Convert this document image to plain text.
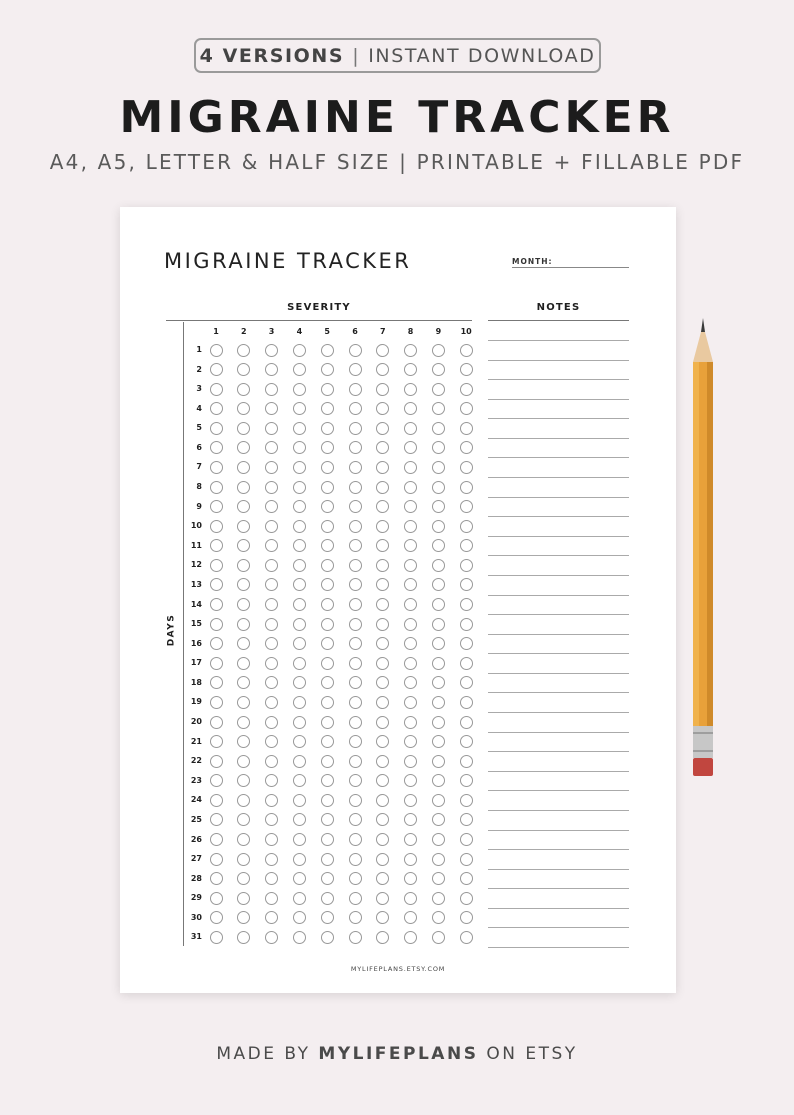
4 VERSIONS | INSTANT DOWNLOAD
MIGRAINE TRACKER
A4, A5, LETTER & HALF SIZE | PRINTABLE + FILLABLE PDF
MIGRAINE TRACKER	MONTH:
SEVERITY	NOTES
DAYS
1	2	3	4	5	6	7	8	9	10
1
2
3
4
5
6
7
8
9
10
11
12
13
14
15
16
17
18
19
20
21
22
23
24
25
26
27
28
29
30
31
MYLIFEPLANS.ETSY.COM
MADE BY MYLIFEPLANS ON ETSY
